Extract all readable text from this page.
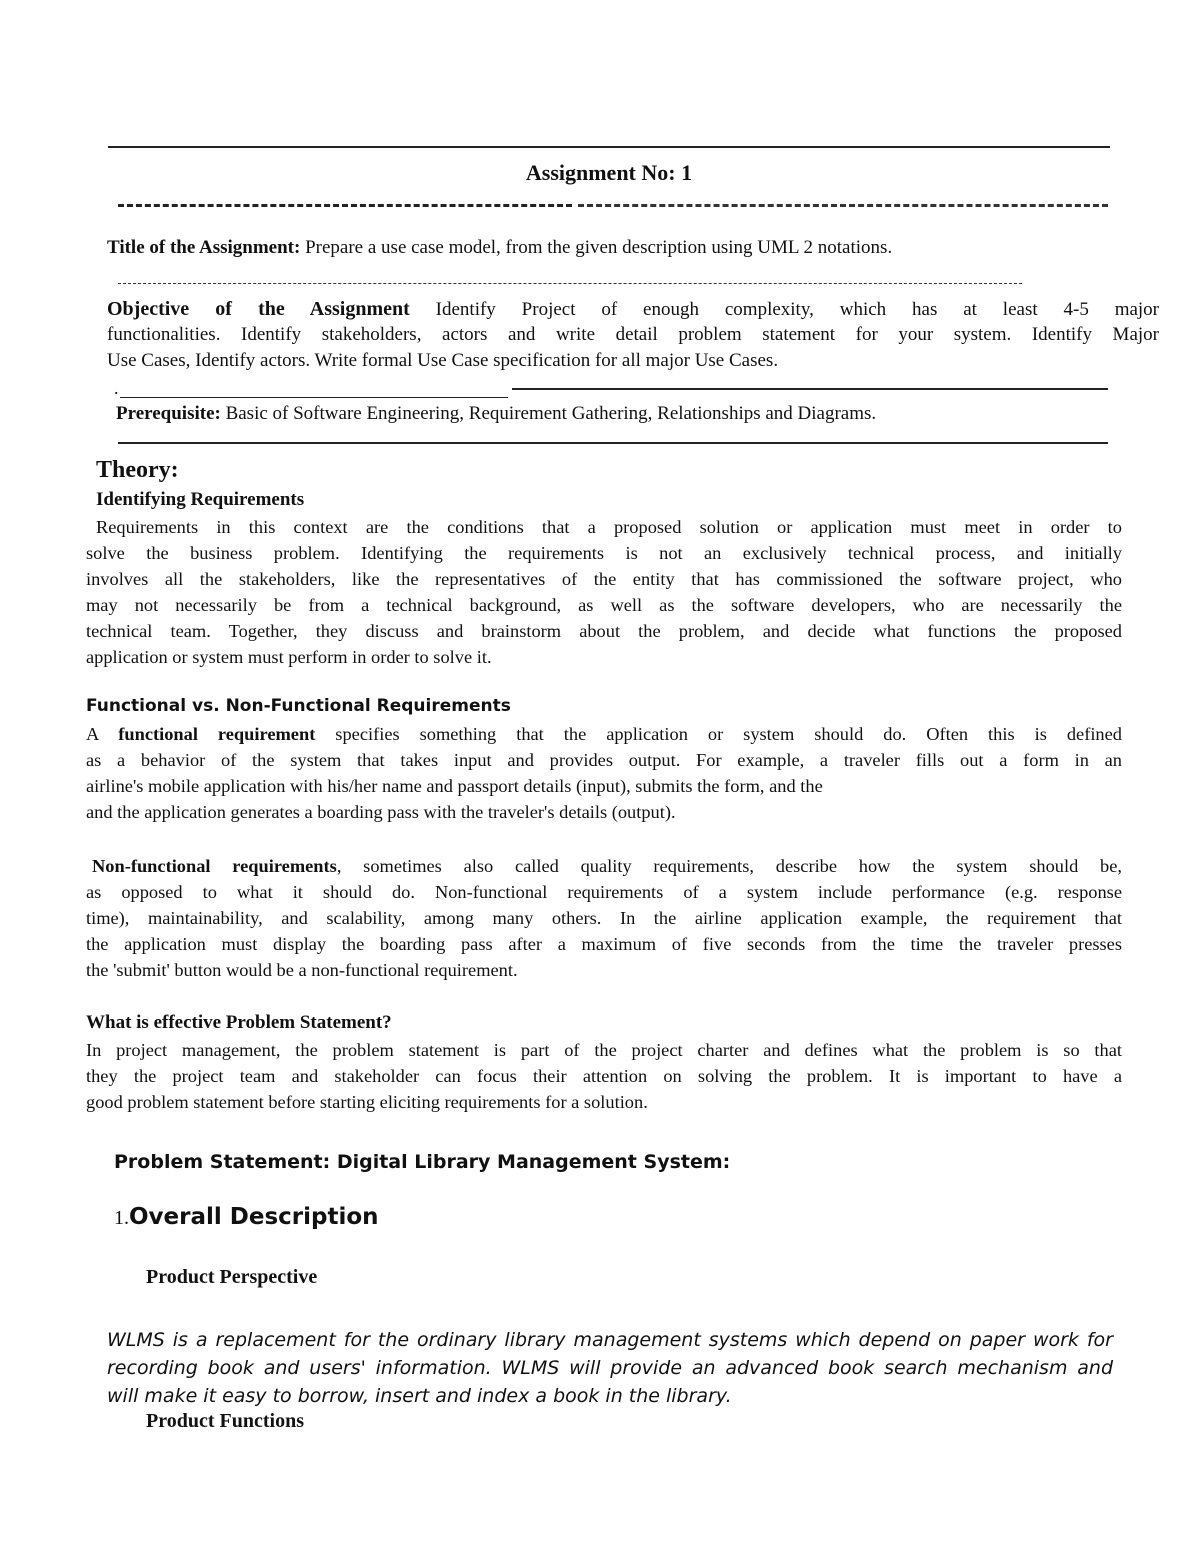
Assignment No: 1
Title of the Assignment: Prepare a use case model, from the given description using UML 2 notations.
Objective of the Assignment Identify Project of enough complexity, which has at least 4-5 major
functionalities. Identify stakeholders, actors and write detail problem statement for your system. Identify Major
Use Cases, Identify actors. Write formal Use Case specification for all major Use Cases.
.
Prerequisite: Basic of Software Engineering, Requirement Gathering, Relationships and Diagrams.
Theory:
Identifying Requirements
Requirements in this context are the conditions that a proposed solution or application must meet in order to
solve the business problem. Identifying the requirements is not an exclusively technical process, and initially
involves all the stakeholders, like the representatives of the entity that has commissioned the software project, who
may not necessarily be from a technical background, as well as the software developers, who are necessarily the
technical team. Together, they discuss and brainstorm about the problem, and decide what functions the proposed
application or system must perform in order to solve it.
Functional vs. Non-Functional Requirements
A functional requirement specifies something that the application or system should do. Often this is defined
as a behavior of the system that takes input and provides output. For example, a traveler fills out a form in an
airline's mobile application with his/her name and passport details (input), submits the form, and the
and the application generates a boarding pass with the traveler's details (output).
Non-functional requirements, sometimes also called quality requirements, describe how the system should be,
as opposed to what it should do. Non-functional requirements of a system include performance (e.g. response
time), maintainability, and scalability, among many others. In the airline application example, the requirement that
the application must display the boarding pass after a maximum of five seconds from the time the traveler presses
the 'submit' button would be a non-functional requirement.
What is effective Problem Statement?
In project management, the problem statement is part of the project charter and defines what the problem is so that
they the project team and stakeholder can focus their attention on solving the problem. It is important to have a
good problem statement before starting eliciting requirements for a solution.
Problem Statement: Digital Library Management System:
1.Overall Description
Product Perspective
WLMS is a replacement for the ordinary library management systems which depend on paper work for
recording book and users' information. WLMS will provide an advanced book search mechanism and
will make it easy to borrow, insert and index a book in the library.
Product Functions
